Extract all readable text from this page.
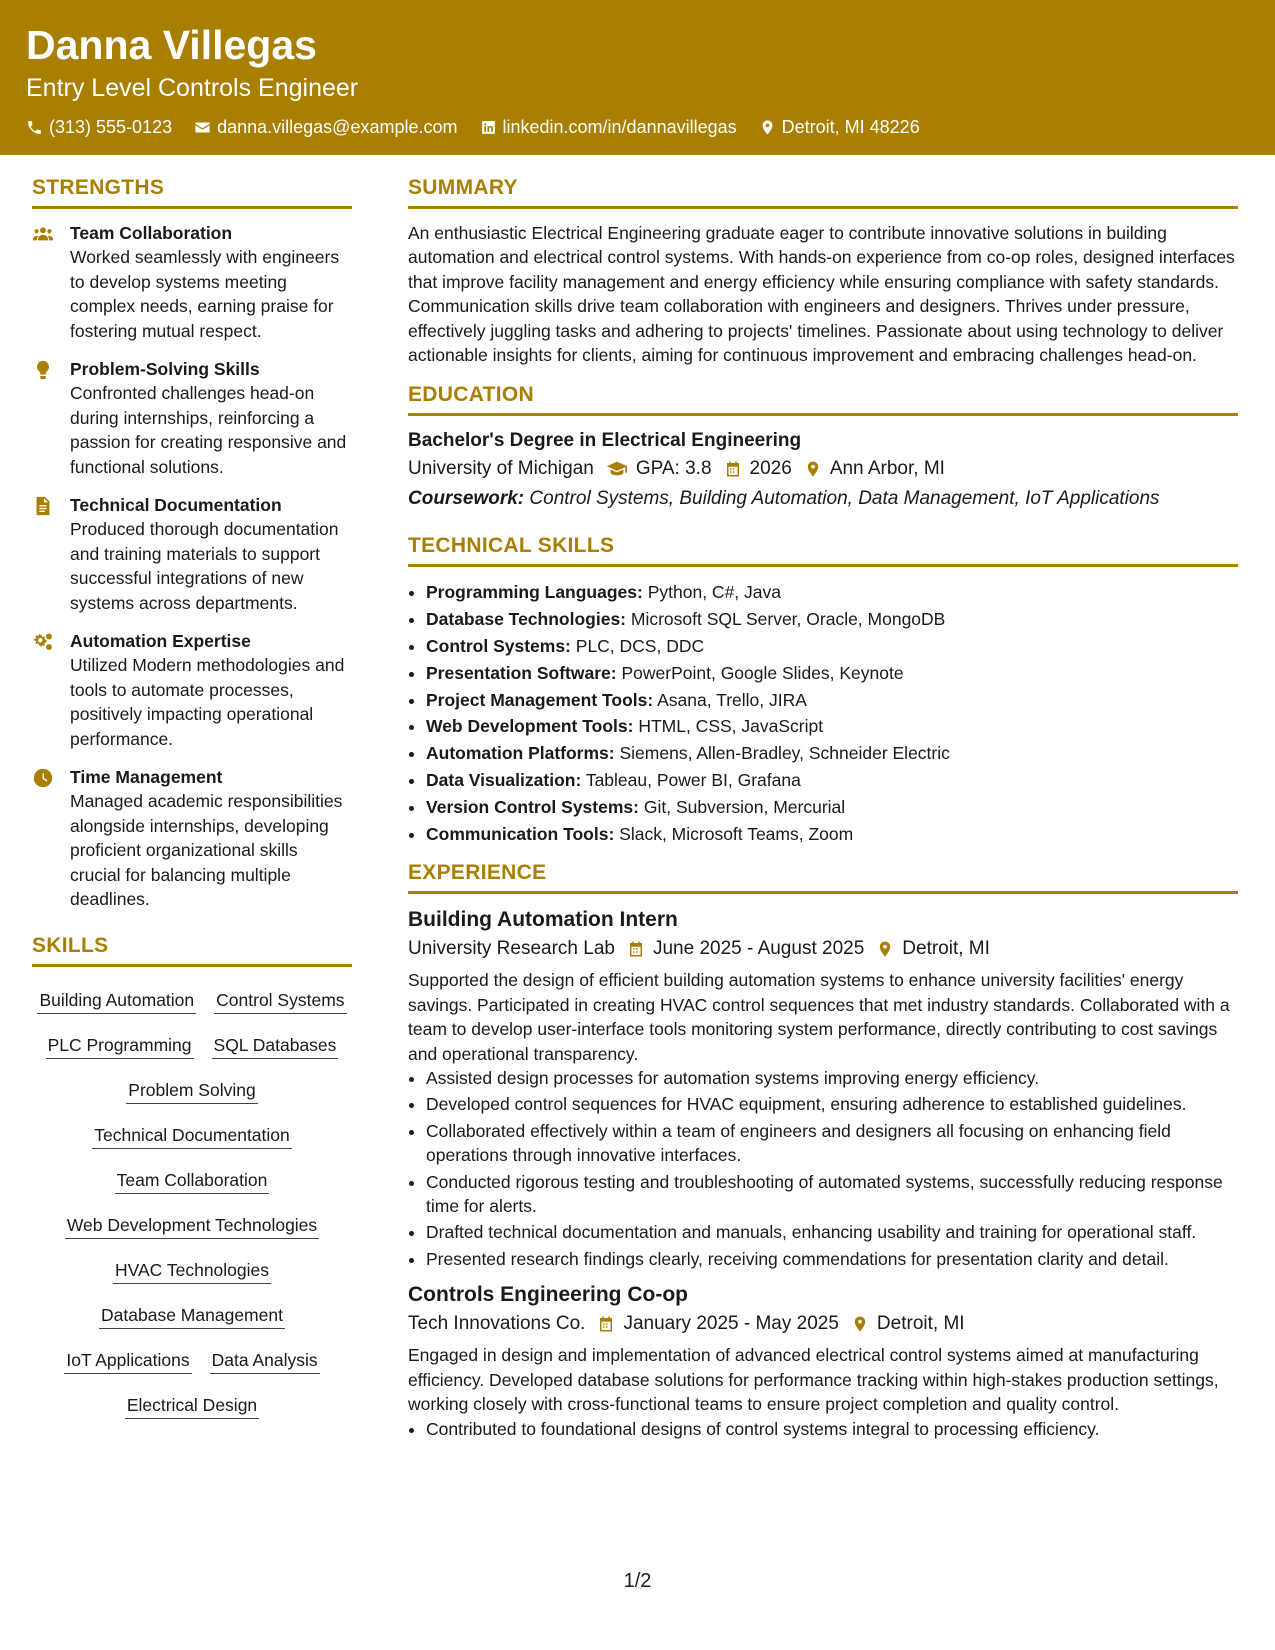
Danna Villegas
Entry Level Controls Engineer
(313) 555-0123	danna.villegas@example.com	linkedin.com/in/dannavillegas	Detroit, MI 48226
STRENGTHS
Team Collaboration
Worked seamlessly with engineers to develop systems meeting complex needs, earning praise for fostering mutual respect.
Problem-Solving Skills
Confronted challenges head-on during internships, reinforcing a passion for creating responsive and functional solutions.
Technical Documentation
Produced thorough documentation and training materials to support successful integrations of new systems across departments.
Automation Expertise
Utilized Modern methodologies and tools to automate processes, positively impacting operational performance.
Time Management
Managed academic responsibilities alongside internships, developing proficient organizational skills crucial for balancing multiple deadlines.
SKILLS
Building Automation Control Systems
PLC Programming SQL Databases
Problem Solving
Technical Documentation
Team Collaboration
Web Development Technologies
HVAC Technologies
Database Management
IoT Applications Data Analysis
Electrical Design
SUMMARY
An enthusiastic Electrical Engineering graduate eager to contribute innovative solutions in building automation and electrical control systems. With hands-on experience from co-op roles, designed interfaces that improve facility management and energy efficiency while ensuring compliance with safety standards. Communication skills drive team collaboration with engineers and designers. Thrives under pressure, effectively juggling tasks and adhering to projects' timelines. Passionate about using technology to deliver actionable insights for clients, aiming for continuous improvement and embracing challenges head-on.
EDUCATION
Bachelor's Degree in Electrical Engineering
University of Michigan GPA: 3.8 2026 Ann Arbor, MI
Coursework: Control Systems, Building Automation, Data Management, IoT Applications
TECHNICAL SKILLS
• Programming Languages: Python, C#, Java
• Database Technologies: Microsoft SQL Server, Oracle, MongoDB
• Control Systems: PLC, DCS, DDC
• Presentation Software: PowerPoint, Google Slides, Keynote
• Project Management Tools: Asana, Trello, JIRA
• Web Development Tools: HTML, CSS, JavaScript
• Automation Platforms: Siemens, Allen-Bradley, Schneider Electric
• Data Visualization: Tableau, Power BI, Grafana
• Version Control Systems: Git, Subversion, Mercurial
• Communication Tools: Slack, Microsoft Teams, Zoom
EXPERIENCE
Building Automation Intern
University Research Lab June 2025 - August 2025 Detroit, MI
Supported the design of efficient building automation systems to enhance university facilities' energy savings. Participated in creating HVAC control sequences that met industry standards. Collaborated with a team to develop user-interface tools monitoring system performance, directly contributing to cost savings and operational transparency.
• Assisted design processes for automation systems improving energy efficiency.
• Developed control sequences for HVAC equipment, ensuring adherence to established guidelines.
• Collaborated effectively within a team of engineers and designers all focusing on enhancing field operations through innovative interfaces.
• Conducted rigorous testing and troubleshooting of automated systems, successfully reducing response time for alerts.
• Drafted technical documentation and manuals, enhancing usability and training for operational staff.
• Presented research findings clearly, receiving commendations for presentation clarity and detail.
Controls Engineering Co-op
Tech Innovations Co. January 2025 - May 2025 Detroit, MI
Engaged in design and implementation of advanced electrical control systems aimed at manufacturing efficiency. Developed database solutions for performance tracking within high-stakes production settings, working closely with cross-functional teams to ensure project completion and quality control.
• Contributed to foundational designs of control systems integral to processing efficiency.
1/2
